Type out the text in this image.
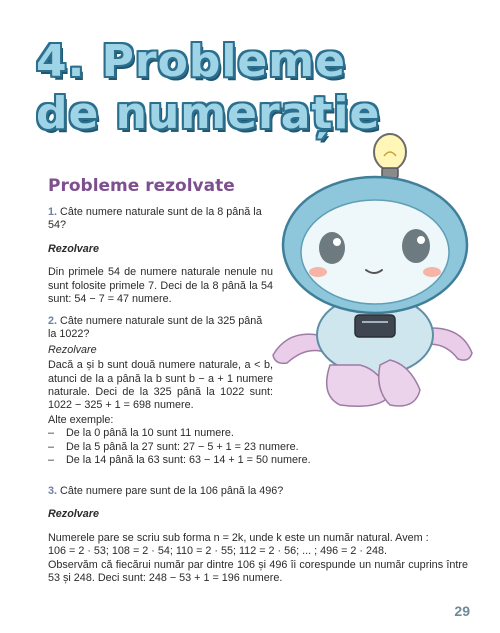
4. Probleme
de numerație
Probleme rezolvate

1. Câte numere naturale sunt de la 8 până la 54?

Rezolvare

Din primele 54 de numere naturale nenule nu sunt folosite primele 7. Deci de la 8 până la 54 sunt: 54 − 7 = 47 numere.

2. Câte numere naturale sunt de la 325 până la 1022?

Rezolvare

Dacă a și b sunt două numere naturale, a < b, atunci de la a până la b sunt b − a + 1 numere naturale. Deci de la 325 până la 1022 sunt: 1022 − 325 + 1 = 698 numere.

Alte exemple:

–	De la 0 până la 10 sunt 11 numere.
–	De la 5 până la 27 sunt: 27 − 5 + 1 = 23 numere.
–	De la 14 până la 63 sunt: 63 − 14 + 1 = 50 numere.

3. Câte numere pare sunt de la 106 până la 496?

Rezolvare

Numerele pare se scriu sub forma n = 2k, unde k este un număr natural. Avem :

106 = 2 · 53; 108 = 2 · 54; 110 = 2 · 55; 112 = 2 · 56; ... ; 496 = 2 · 248.

Observăm că fiecărui număr par dintre 106 și 496 îi corespunde un număr cuprins între 53 și 248. Deci sunt: 248 − 53 + 1 = 196 numere.

29
